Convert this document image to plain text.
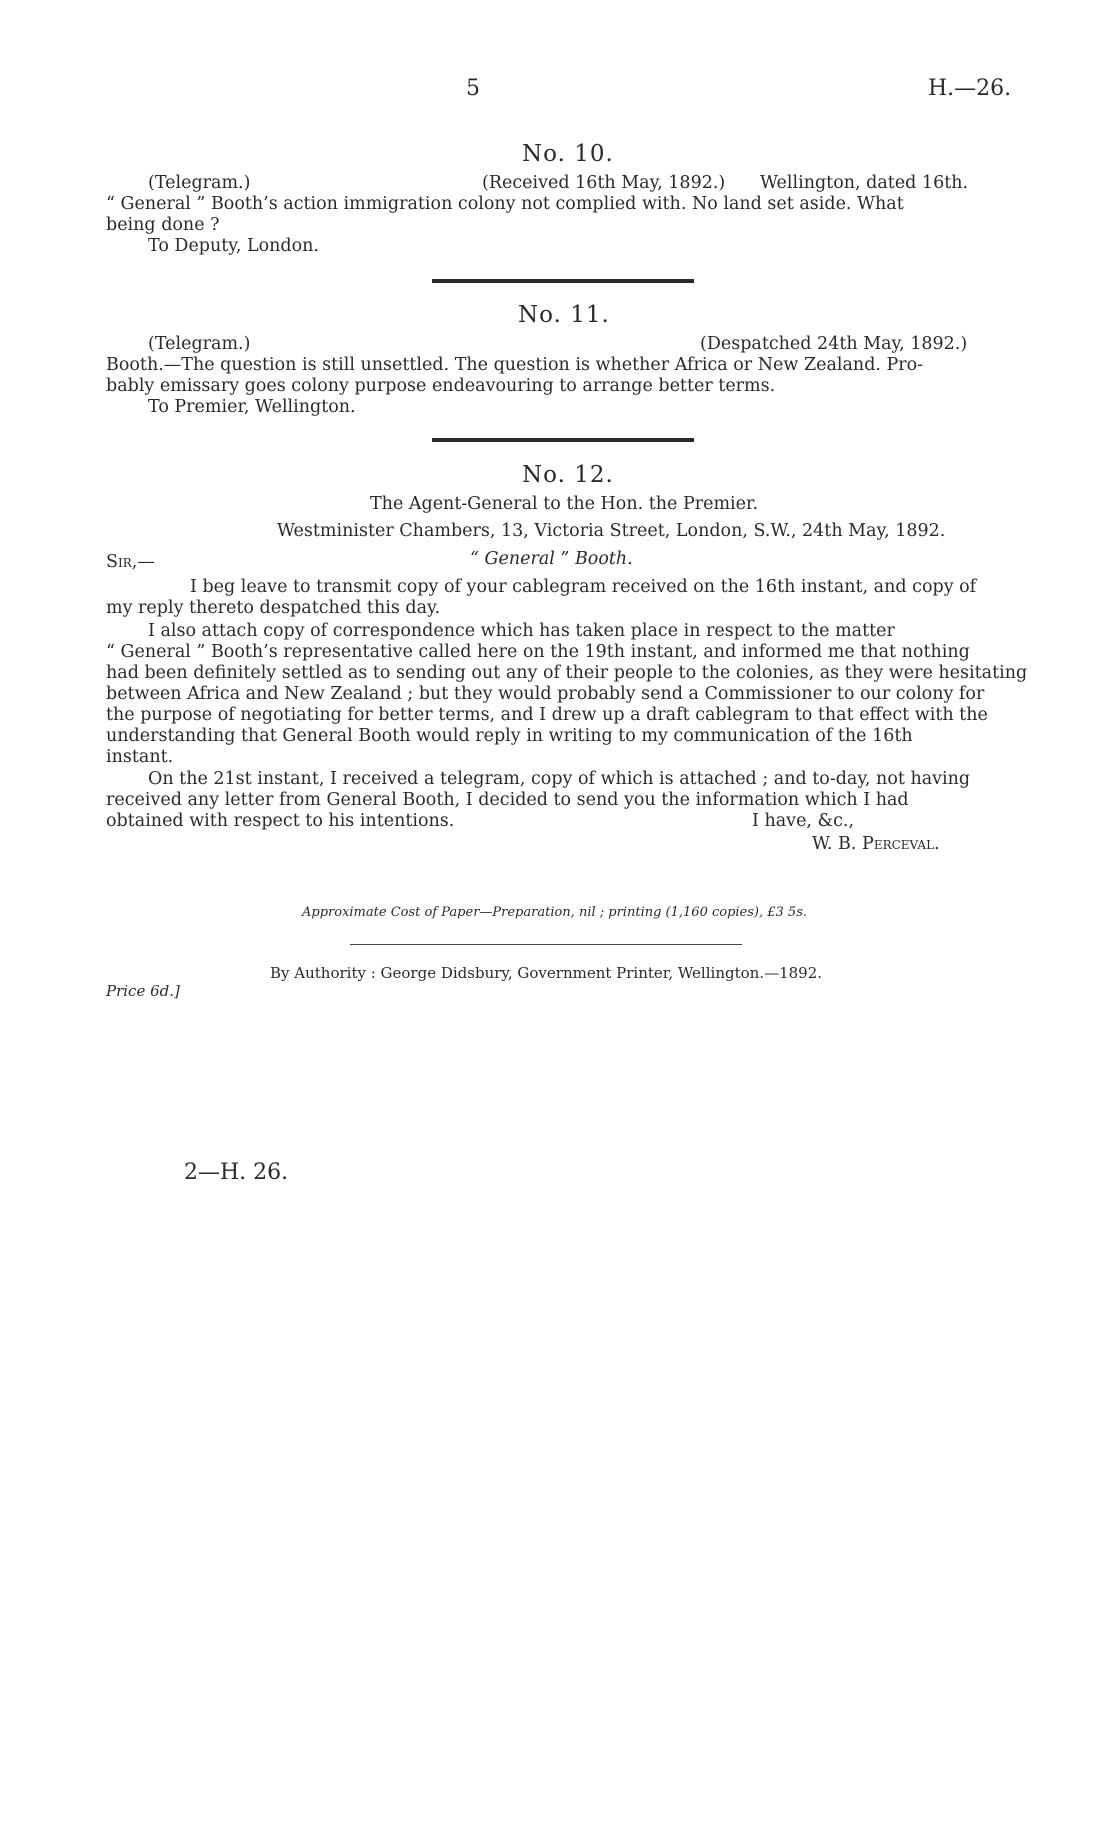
5	H.—26.
No. 10.
(Telegram.)	(Received 16th May, 1892.) Wellington, dated 16th.
“ General ” Booth’s action immigration colony not complied with. No land set aside. What
being done ?
To Deputy, London.
No. 11.
(Telegram.)	(Despatched 24th May, 1892.)
Booth.—The question is still unsettled. The question is whether Africa or New Zealand. Pro-
bably emissary goes colony purpose endeavouring to arrange better terms.
To Premier, Wellington.
No. 12.
The Agent-General to the Hon. the Premier.
Westminister Chambers, 13, Victoria Street, London, S.W., 24th May, 1892.
Sir,—	“ General ” Booth.
I beg leave to transmit copy of your cablegram received on the 16th instant, and copy of
my reply thereto despatched this day.
I also attach copy of correspondence which has taken place in respect to the matter
“ General ” Booth’s representative called here on the 19th instant, and informed me that nothing
had been definitely settled as to sending out any of their people to the colonies, as they were hesitating
between Africa and New Zealand ; but they would probably send a Commissioner to our colony for
the purpose of negotiating for better terms, and I drew up a draft cablegram to that effect with the
understanding that General Booth would reply in writing to my communication of the 16th
instant.
On the 21st instant, I received a telegram, copy of which is attached ; and to-day, not having
received any letter from General Booth, I decided to send you the information which I had
obtained with respect to his intentions.	I have, &c.,
W. B. Perceval.
Approximate Cost of Paper—Preparation, nil ; printing (1,160 copies), £3 5s.
By Authority : George Didsbury, Government Printer, Wellington.—1892.
Price 6d.]
2—H. 26.
